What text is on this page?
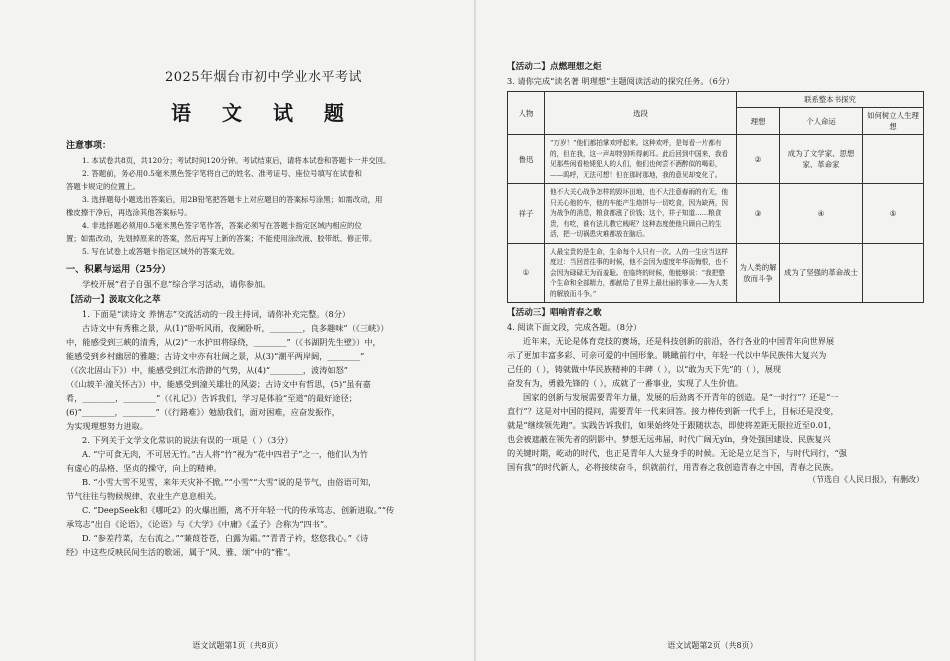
2025年烟台市初中学业水平考试
语 文 试 题
注意事项：

1. 本试卷共8页，共120分；考试时间120分钟。考试结束后，请将本试卷和答题卡一并交回。

2. 答题前，务必用0.5毫米黑色签字笔将自己的姓名、准考证号、座位号填写在试卷和

答题卡规定的位置上。

3. 选择题每小题选出答案后，用2B铅笔把答题卡上对应题目的答案标号涂黑；如需改动，用

橡皮擦干净后，再选涂其他答案标号。

4. 非选择题必须用0.5毫米黑色签字笔作答，答案必须写在答题卡指定区域内相应的位

置；如需改动，先划掉原来的答案，然后再写上新的答案；不能使用涂改液、胶带纸、修正带。

5. 写在试卷上或答题卡指定区域外的答案无效。

一、积累与运用（25分）

学校开展“君子自强不息”综合学习活动，请你参加。

【活动一】汲取文化之萃

1. 下面是“读诗文 养情志”交流活动的一段主持词，请你补充完整。（8分）

古诗文中有秀雅之景，从(1)“卧听风雨，夜阑卧听，________，良多趣味”（《三峡》）

中，能感受到三峡的清秀，从(2)“一水护田将绿绕，________”（《书湖阴先生壁》）中，

能感受到乡村幽居的雅趣；古诗文中亦有壮阔之景，从(3)“潮平两岸阔，________”

（《次北固山下》）中，能感受到江水浩渺的气势，从(4)“________，波涛如怒”

（《山坡羊·潼关怀古》）中，能感受到潼关雄壮的风姿；古诗文中有哲思，(5)“虽有嘉

肴，________，________”（《礼记》）告诉我们，学习是体验“至道”的最好途径；

(6)“________，________”（《行路难》）勉励我们，面对困难，应奋发振作，

为实现理想努力进取。

2. 下列关于文学文化常识的说法有误的一项是（ ）（3分）

A. “宁可食无肉，不可居无竹。”古人将“竹”视为“花中四君子”之一，他们认为竹

有虚心的品格、坚贞的操守，向上的精神。

B. “小雪大雪不见雪，来年天灾补不掀。”“小雪”“大雪”说的是节气，由俗语可知，

节气往往与物候规律、农业生产息息相关。

C. “DeepSeek和《哪吒2》的火爆出圈，离不开年轻一代的传承笃志、创新进取。”“传

承笃志”出自《论语》，《论语》与《大学》《中庸》《孟子》合称为“四书”。

D. “参差荇菜，左右流之。”“蒹葭苍苍，白露为霜。”“青青子衿，悠悠我心。”《诗

经》中这些反映民间生活的歌谣，属于“风、雅、颂”中的“雅”。

语文试题第1页（共8页）
【活动二】点燃理想之炬

3. 请你完成“读名著 明理想”主题阅读活动的探究任务。（6分）

人物	选段	联系整本书探究		
		理想	个人命运	如何树立人生理想
鲁迅	“万岁！”他们都拍掌欢呼起来。这种欢呼，是每看一片都有的，但在我，这一声却特别听得刺耳。此后回到中国来，我看见那些闲看枪毙犯人的人们，他们也何尝不酒醉似的喝彩，——呜呼，无法可想！但在那时那地，我的意见却变化了。	②	成为了文学家、思想家、革命家	
祥子	他不大关心战争怎样的毁坏田地，也不大注意春雨的有无，他只关心他的车，他的车能产生烙饼与一切吃食，因为缺两，因为战争的消息，粮食都涨了价钱；这个，祥子知道……粮食贵，有吃，谁有法儿教它贱呢？这种态度使他只顾自己的生活，把一切祸患灾难都放在脑后。	③	④	⑤
①	人最宝贵的是生命，生命每个人只有一次。人的一生应当这样度过：当回首往事的时候，他不会因为虚度年华而悔恨，也不会因为碌碌无为而羞耻。在临终的时候，他能够说：“我把整个生命和全部精力，都献给了世界上最壮丽的事业——为人类的解放而斗争。”	为人类的解放而斗争	成为了坚强的革命战士	
【活动三】唱响青春之歌

4. 阅读下面文段，完成各题。（8分）

近年来，无论是体育竞技的赛场，还是科技创新的前沿，各行各业的中国青年向世界展

示了更加丰富多彩、可亲可爱的中国形象。眺瞰前行中，年轻一代以中华民族伟大复兴为

己任的（ ），铸就做中华民族精神的丰碑（ ），以“敢为天下先”的（ ），展现

奋发有为，勇毅先锋的（ ），成就了一番事业，实现了人生价值。

国家的创新与发展需要青年力量，发展的后劲离不开青年的创造。是“一时行”？还是“一

直行”？这是对中国的提问，需要青年一代来回答。接力棒传到新一代手上，目标还是没变，

就是“继续领先跑”。实践告诉我们，如果始终处于跟随状态，即使将差距无限拉近至0.01，

也会被遮蔽在领先者的阴影中。梦想无远弗届，时代广阔无yín，身处强国建设、民族复兴

的关键时期，屹动的时代，也正是青年人大显身手的时候。无论是立足当下，与时代同行，“强

国有我”的时代新人，必将接续奋斗，织就前行，用青春之我创造青春之中国，青春之民族。

（节选自《人民日报》，有删改）
语文试题第2页（共8页）
